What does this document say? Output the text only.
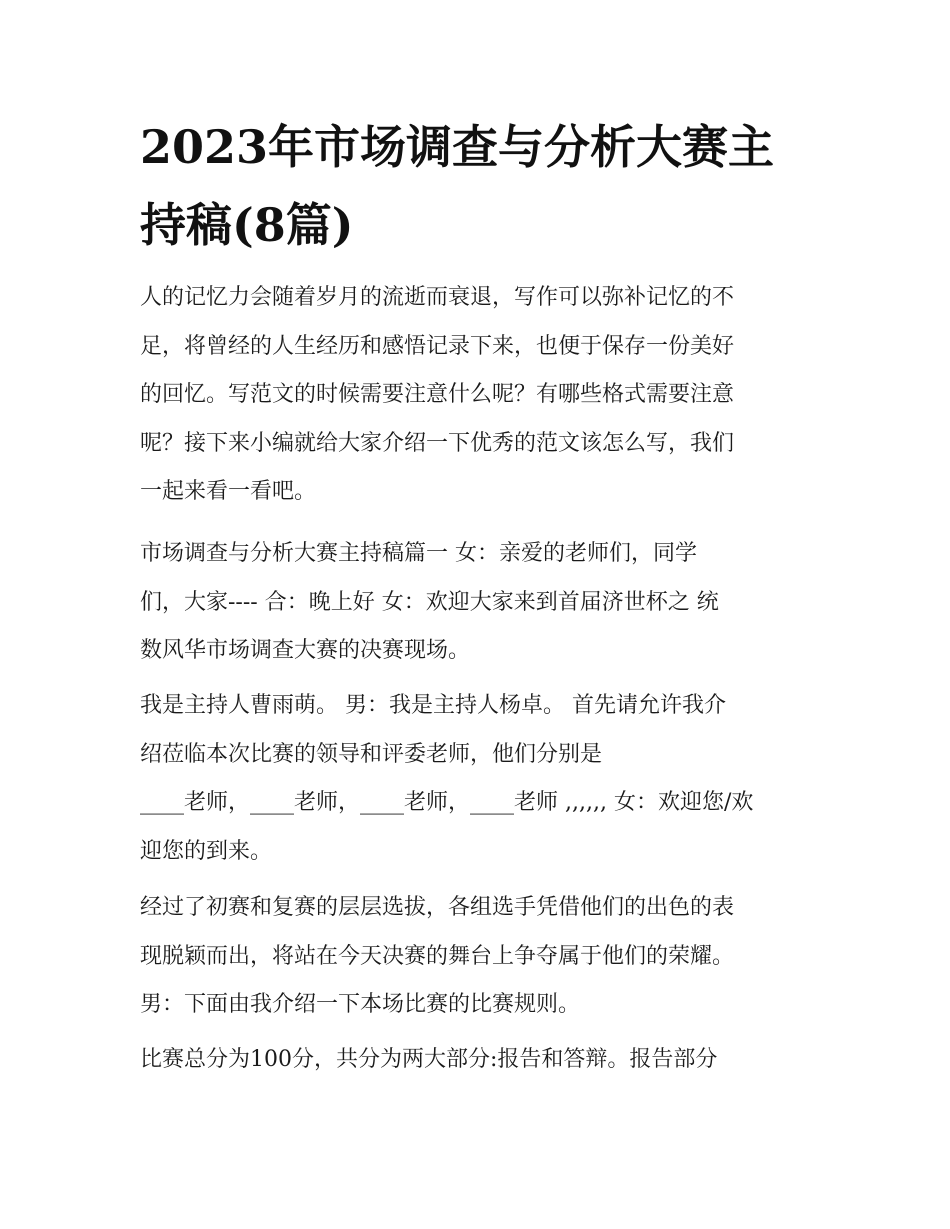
2023年市场调查与分析大赛主
持稿(8篇)

人的记忆力会随着岁月的流逝而衰退，写作可以弥补记忆的不
足，将曾经的人生经历和感悟记录下来，也便于保存一份美好
的回忆。写范文的时候需要注意什么呢？有哪些格式需要注意
呢？接下来小编就给大家介绍一下优秀的范文该怎么写，我们
一起来看一看吧。

市场调查与分析大赛主持稿篇一 女：亲爱的老师们，同学
们，大家---- 合：晚上好 女：欢迎大家来到首届济世杯之 统
数风华市场调查大赛的决赛现场。

我是主持人曹雨萌。 男：我是主持人杨卓。 首先请允许我介
绍莅临本次比赛的领导和评委老师，他们分别是
____老师，____老师，____老师，____老师 ,,,,,, 女：欢迎您/欢
迎您的到来。

经过了初赛和复赛的层层选拔，各组选手凭借他们的出色的表
现脱颖而出，将站在今天决赛的舞台上争夺属于他们的荣耀。
男：下面由我介绍一下本场比赛的比赛规则。

比赛总分为100分，共分为两大部分:报告和答辩。报告部分
